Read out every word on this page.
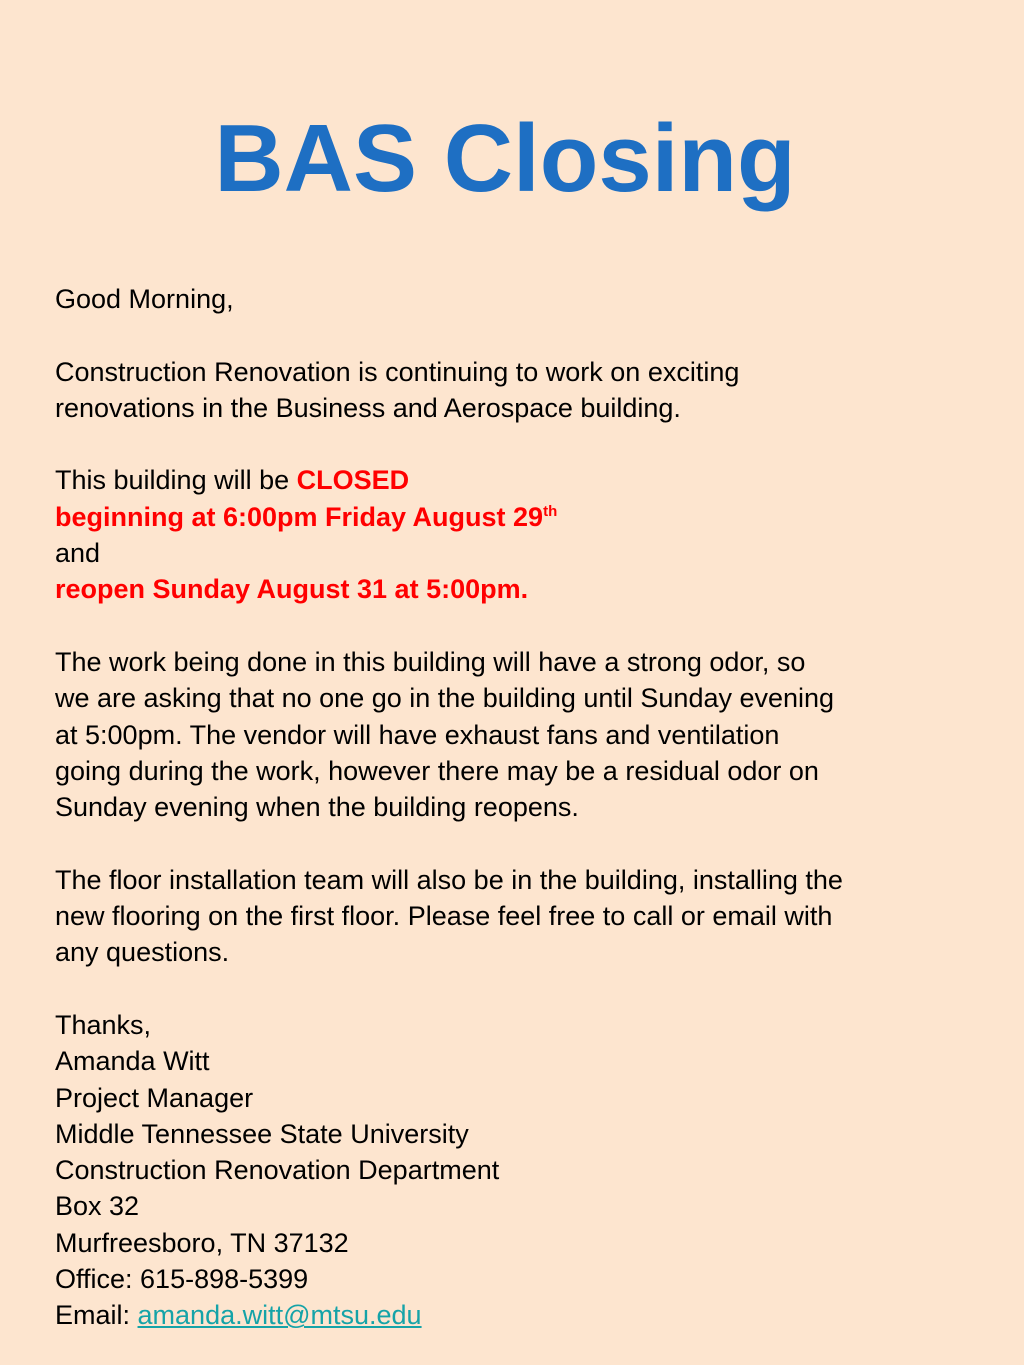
BAS Closing
Good Morning,
Construction Renovation is continuing to work on exciting
renovations in the Business and Aerospace building.
This building will be CLOSED
beginning at 6:00pm Friday August 29th
and
reopen Sunday August 31 at 5:00pm.
The work being done in this building will have a strong odor, so
we are asking that no one go in the building until Sunday evening
at 5:00pm. The vendor will have exhaust fans and ventilation
going during the work, however there may be a residual odor on
Sunday evening when the building reopens.
The floor installation team will also be in the building, installing the
new flooring on the first floor. Please feel free to call or email with
any questions.
Thanks,
Amanda Witt
Project Manager
Middle Tennessee State University
Construction Renovation Department
Box 32
Murfreesboro, TN 37132
Office: 615-898-5399
Email: amanda.witt@mtsu.edu
